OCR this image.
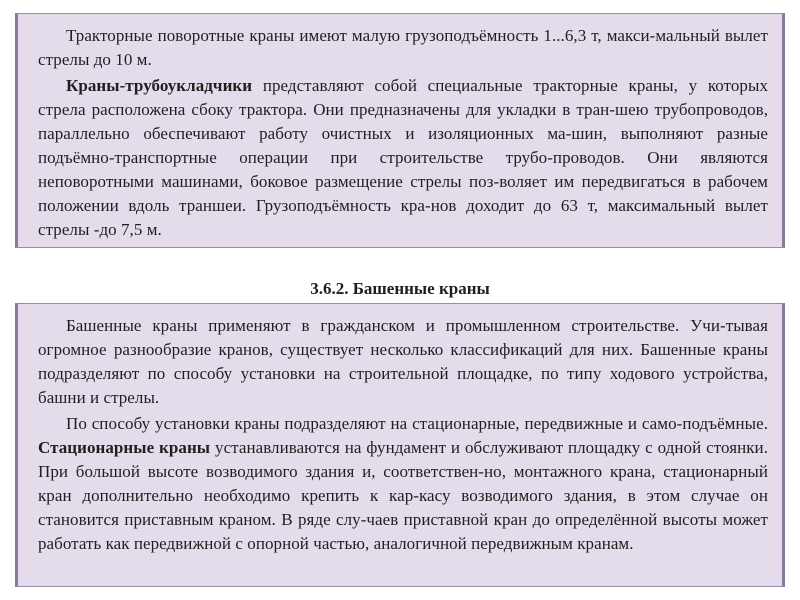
Тракторные поворотные краны имеют малую грузоподъёмность 1...6,3 т, макси-мальный вылет стрелы до 10 м.

Краны-трубоукладчики представляют собой специальные тракторные краны, у которых стрела расположена сбоку трактора. Они предназначены для укладки в тран-шею трубопроводов, параллельно обеспечивают работу очистных и изоляционных ма-шин, выполняют разные подъёмно-транспортные операции при строительстве трубо-проводов. Они являются неповоротными машинами, боковое размещение стрелы поз-воляет им передвигаться в рабочем положении вдоль траншеи. Грузоподъёмность кра-нов доходит до 63 т, максимальный вылет стрелы -до 7,5 м.

3.6.2. Башенные краны

Башенные краны применяют в гражданском и промышленном строительстве. Учи-тывая огромное разнообразие кранов, существует несколько классификаций для них. Башенные краны подразделяют по способу установки на строительной площадке, по типу ходового устройства, башни и стрелы.

По способу установки краны подразделяют на стационарные, передвижные и само-подъёмные. Стационарные краны устанавливаются на фундамент и обслуживают площадку с одной стоянки. При большой высоте возводимого здания и, соответствен-но, монтажного крана, стационарный кран дополнительно необходимо крепить к кар-касу возводимого здания, в этом случае он становится приставным краном. В ряде слу-чаев приставной кран до определённой высоты может работать как передвижной с опорной частью, аналогичной передвижным кранам.
